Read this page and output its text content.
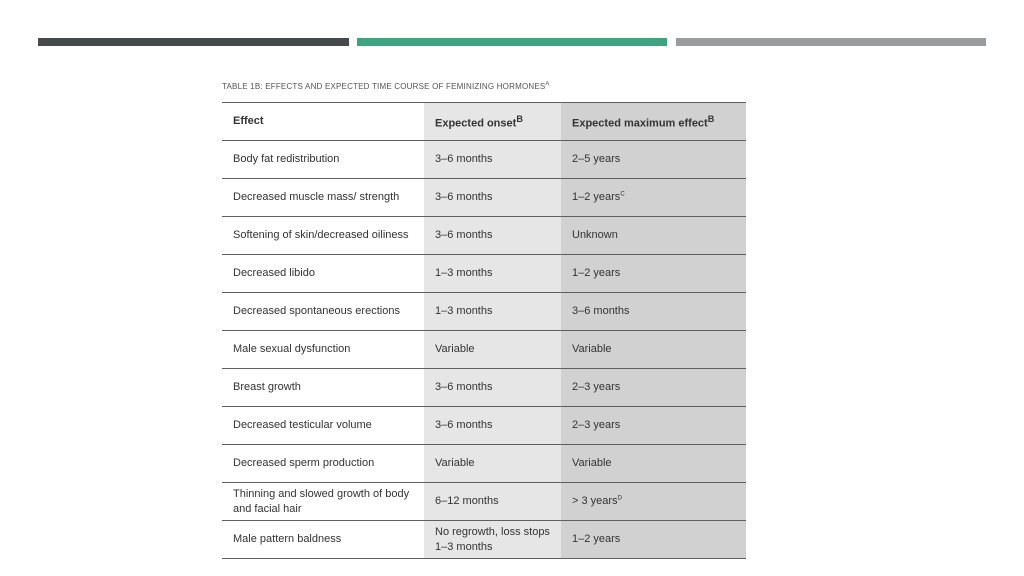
TABLE 1B: EFFECTS AND EXPECTED TIME COURSE OF FEMINIZING $HORMONES^A$
Effect	Expected onset$^B$	Expected maximum effect$^B$
Body fat redistribution	3–6 months	2–5 years
Decreased muscle mass/ strength	3–6 months	1–2 years$^C$
Softening of skin/decreased oiliness	3–6 months	Unknown
Decreased libido	1–3 months	1–2 years
Decreased spontaneous erections	1–3 months	3–6 months
Male sexual dysfunction	Variable	Variable
Breast growth	3–6 months	2–3 years
Decreased testicular volume	3–6 months	2–3 years
Decreased sperm production	Variable	Variable
Thinning and slowed growth of body and facial hair	6–12 months	> 3 years$^D$
Male pattern baldness	No regrowth, loss stops 1–3 months	1–2 years
